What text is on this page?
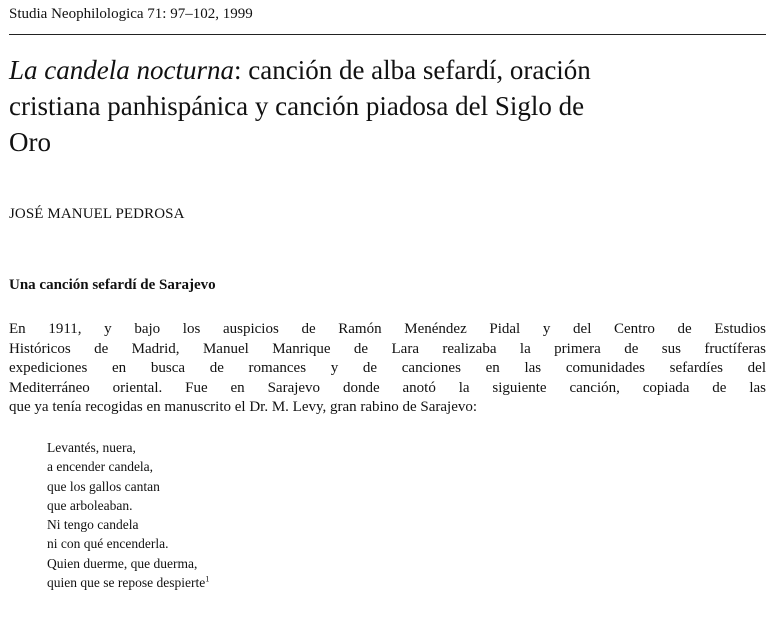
Studia Neophilologica 71: 97–102, 1999
La candela nocturna: canción de alba sefardí, oración
cristiana panhispánica y canción piadosa del Siglo de
Oro
JOSÉ MANUEL PEDROSA
Una canción sefardí de Sarajevo
En 1911, y bajo los auspicios de Ramón Menéndez Pidal y del Centro de Estudios
Históricos de Madrid, Manuel Manrique de Lara realizaba la primera de sus fructíferas
expediciones en busca de romances y de canciones en las comunidades sefardíes del
Mediterráneo oriental. Fue en Sarajevo donde anotó la siguiente canción, copiada de las
que ya tenía recogidas en manuscrito el Dr. M. Levy, gran rabino de Sarajevo:
Levantés, nuera,
a encender candela,
que los gallos cantan
que arboleaban.
Ni tengo candela
ni con qué encenderla.
Quien duerme, que duerma,
quien que se repose despierte$^1$
